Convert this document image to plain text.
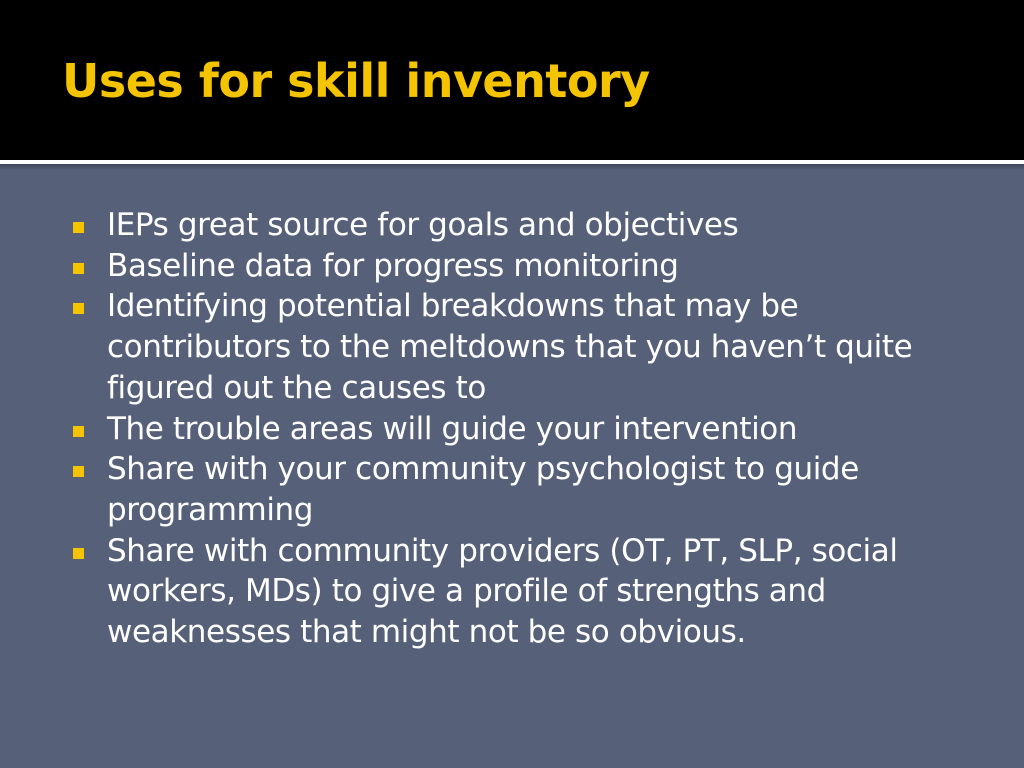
Uses for skill inventory
IEPs great source for goals and objectives
Baseline data for progress monitoring
Identifying potential breakdowns that may be contributors to the meltdowns that you haven’t quite figured out the causes to
The trouble areas will guide your intervention
Share with your community psychologist to guide programming
Share with community providers (OT, PT, SLP, social workers, MDs) to give a profile of strengths and weaknesses that might not be so obvious.
